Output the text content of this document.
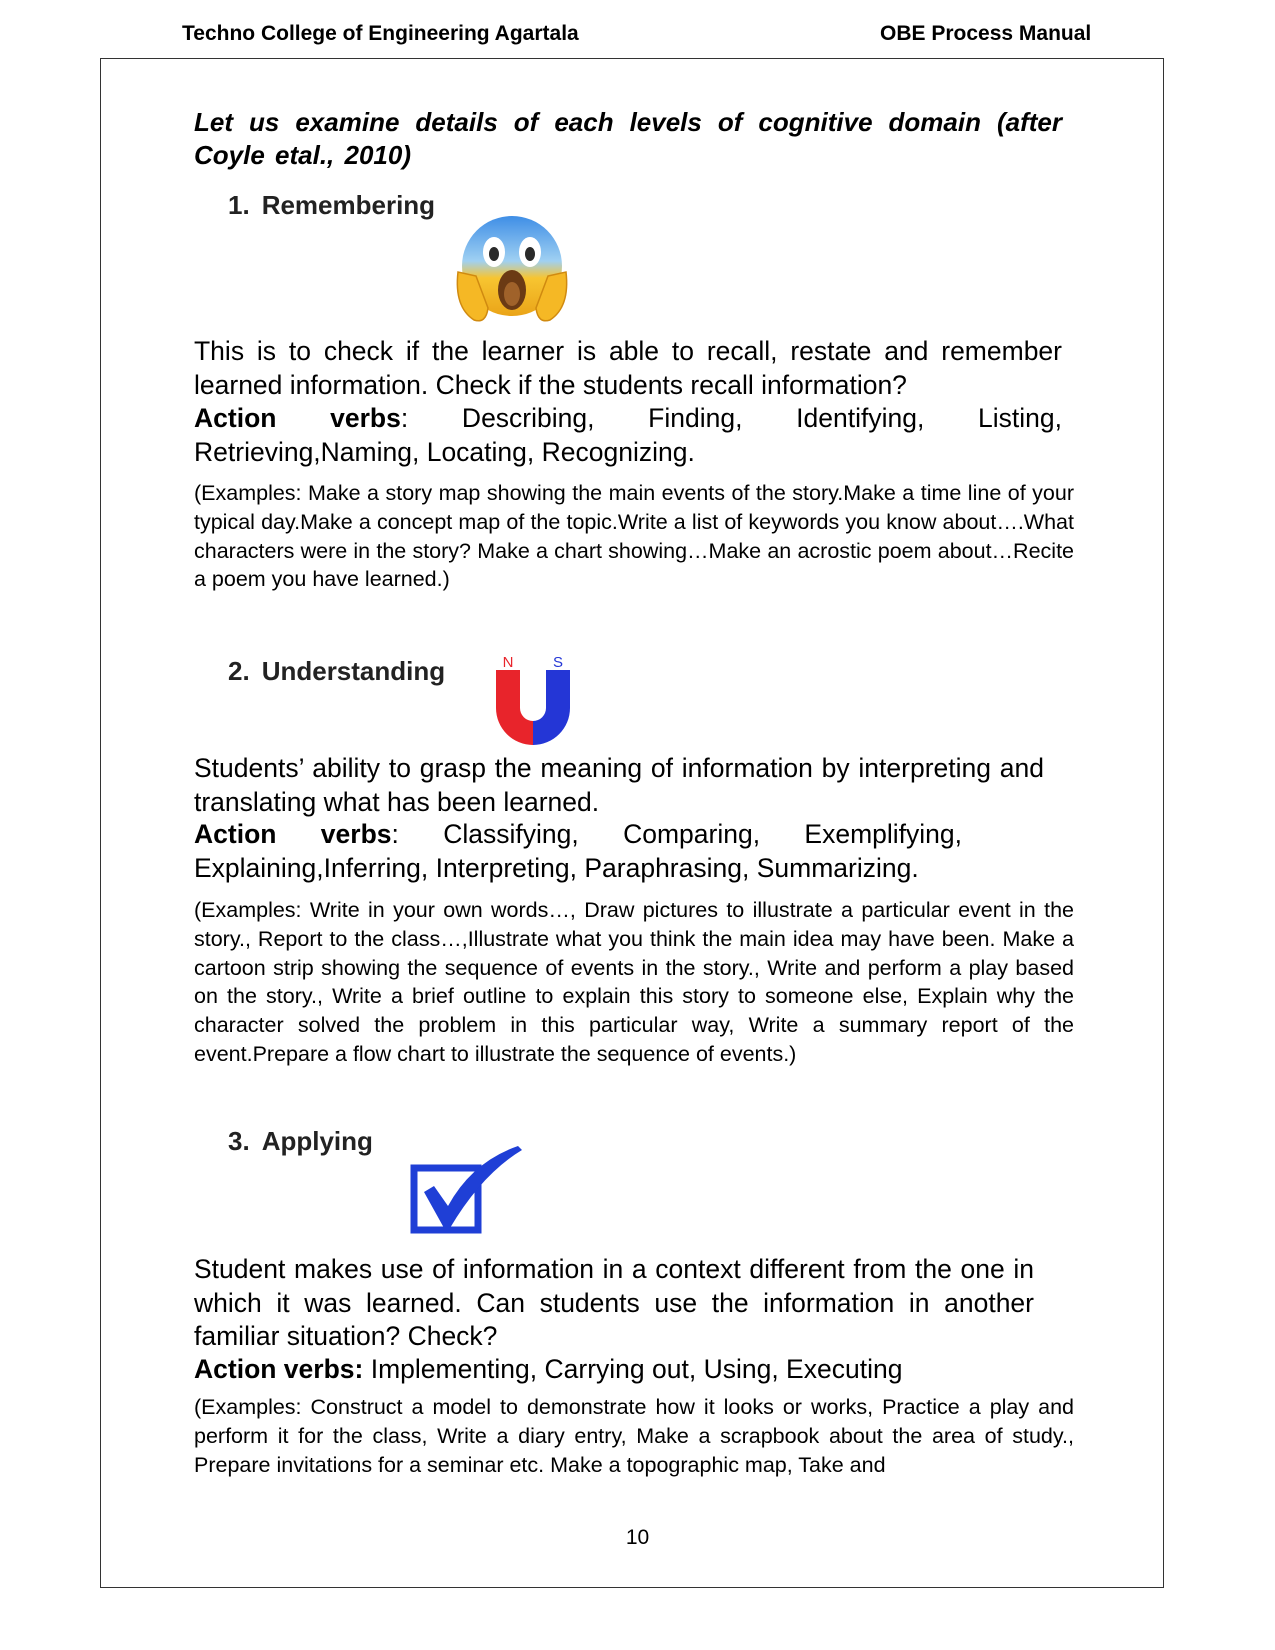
Techno College of Engineering Agartala	OBE Process Manual
Let us examine details of each levels of cognitive domain (after Coyle etal., 2010)
1. Remembering
This is to check if the learner is able to recall, restate and remember learned information. Check if the students recall information?
Action verbs: Describing, Finding, Identifying, Listing, Retrieving,Naming, Locating, Recognizing.
(Examples: Make a story map showing the main events of the story.Make a time line of your typical day.Make a concept map of the topic.Write a list of keywords you know about….What characters were in the story? Make a chart showing…Make an acrostic poem about…Recite a poem you have learned.)
2. Understanding	N	S
Students’ ability to grasp the meaning of information by interpreting and translating what has been learned.
Action verbs: Classifying, Comparing, Exemplifying, Explaining,Inferring, Interpreting, Paraphrasing, Summarizing.
(Examples: Write in your own words…, Draw pictures to illustrate a particular event in the story., Report to the class…,Illustrate what you think the main idea may have been. Make a cartoon strip showing the sequence of events in the story., Write and perform a play based on the story., Write a brief outline to explain this story to someone else, Explain why the character solved the problem in this particular way, Write a summary report of the event.Prepare a flow chart to illustrate the sequence of events.)
3. Applying
Student makes use of information in a context different from the one in which it was learned. Can students use the information in another familiar situation? Check?
Action verbs: Implementing, Carrying out, Using, Executing
(Examples: Construct a model to demonstrate how it looks or works, Practice a play and perform it for the class, Write a diary entry, Make a scrapbook about the area of study., Prepare invitations for a seminar etc. Make a topographic map, Take and
10
